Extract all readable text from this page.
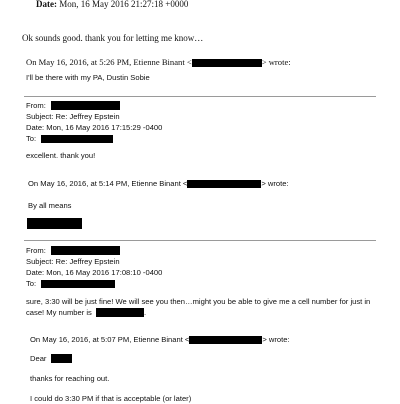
Date: Mon, 16 May 2016 21:27:18 +0000
Ok sounds good. thank you for letting me know…
On May 16, 2016, at 5:26 PM, Etienne Binant <	> wrote:
I'll be there with my PA, Dustin Sobie
From:
Subject: Re: Jeffrey Epstein
Date: Mon, 16 May 2016 17:15:29 -0400
To:
excellent. thank you!
On May 16, 2016, at 5:14 PM, Etienne Binant <	> wrote:
By all means
From:
Subject: Re: Jeffrey Epstein
Date: Mon, 16 May 2016 17:08:10 -0400
To:
sure, 3:30 will be just fine! We will see you then…might you be able to give me a cell number for just in
case! My number is	.
On May 16, 2016, at 5:07 PM, Etienne Binant <	> wrote:
Dear
thanks for reaching out.
I could do 3:30 PM if that is acceptable (or later)
